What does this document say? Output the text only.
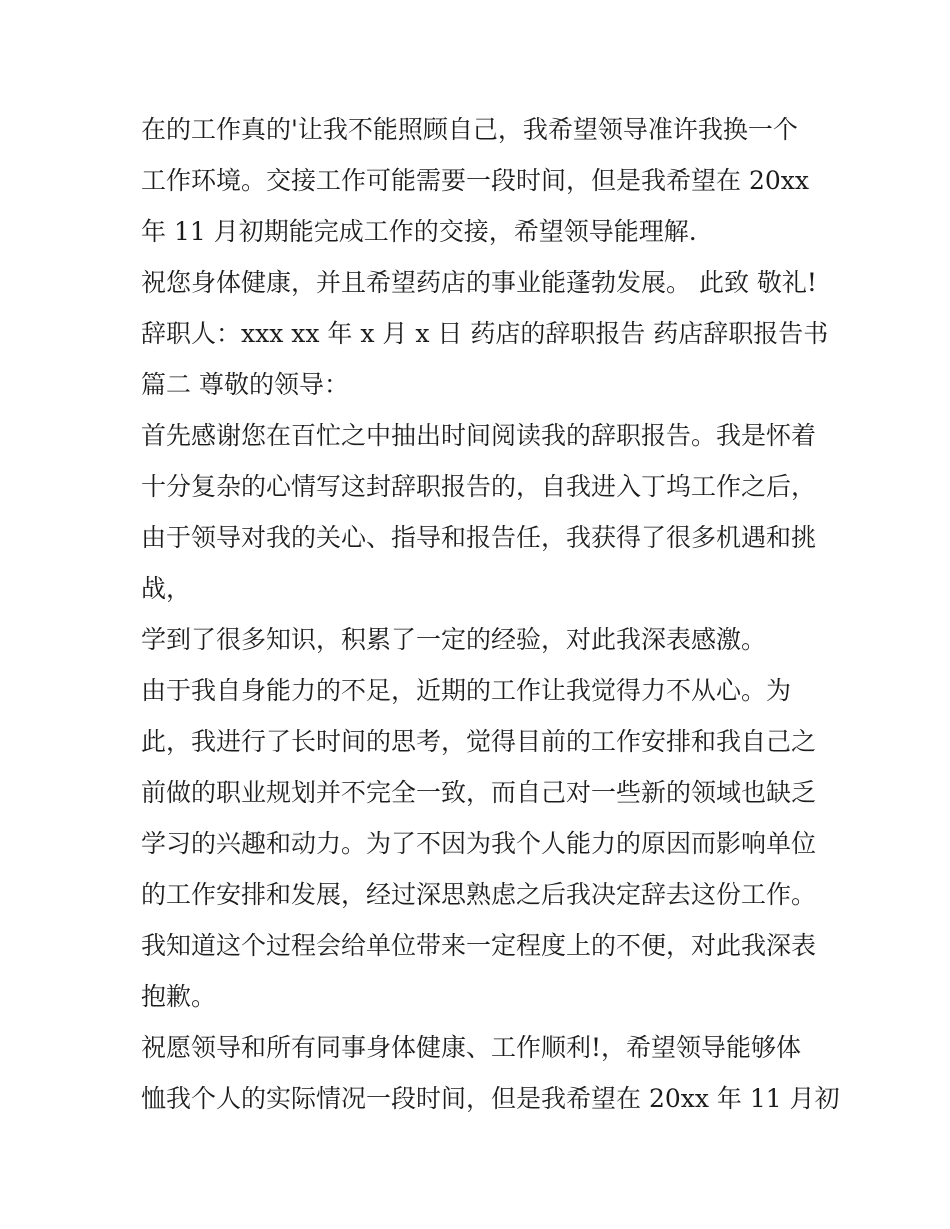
在的工作真的'让我不能照顾自己，我希望领导准许我换一个
工作环境。交接工作可能需要一段时间，但是我希望在 20xx
年 11 月初期能完成工作的交接，希望领导能理解.
祝您身体健康，并且希望药店的事业能蓬勃发展。 此致 敬礼!
辞职人：xxx xx 年 x 月 x 日 药店的辞职报告 药店辞职报告书
篇二 尊敬的领导：
首先感谢您在百忙之中抽出时间阅读我的辞职报告。我是怀着
十分复杂的心情写这封辞职报告的，自我进入丁坞工作之后，
由于领导对我的关心、指导和报告任，我获得了很多机遇和挑
战，
学到了很多知识，积累了一定的经验，对此我深表感激。
由于我自身能力的不足，近期的工作让我觉得力不从心。为
此，我进行了长时间的思考，觉得目前的工作安排和我自己之
前做的职业规划并不完全一致，而自己对一些新的领域也缺乏
学习的兴趣和动力。为了不因为我个人能力的原因而影响单位
的工作安排和发展，经过深思熟虑之后我决定辞去这份工作。
我知道这个过程会给单位带来一定程度上的不便，对此我深表
抱歉。
祝愿领导和所有同事身体健康、工作顺利!，希望领导能够体
恤我个人的实际情况一段时间，但是我希望在 20xx 年 11 月初
